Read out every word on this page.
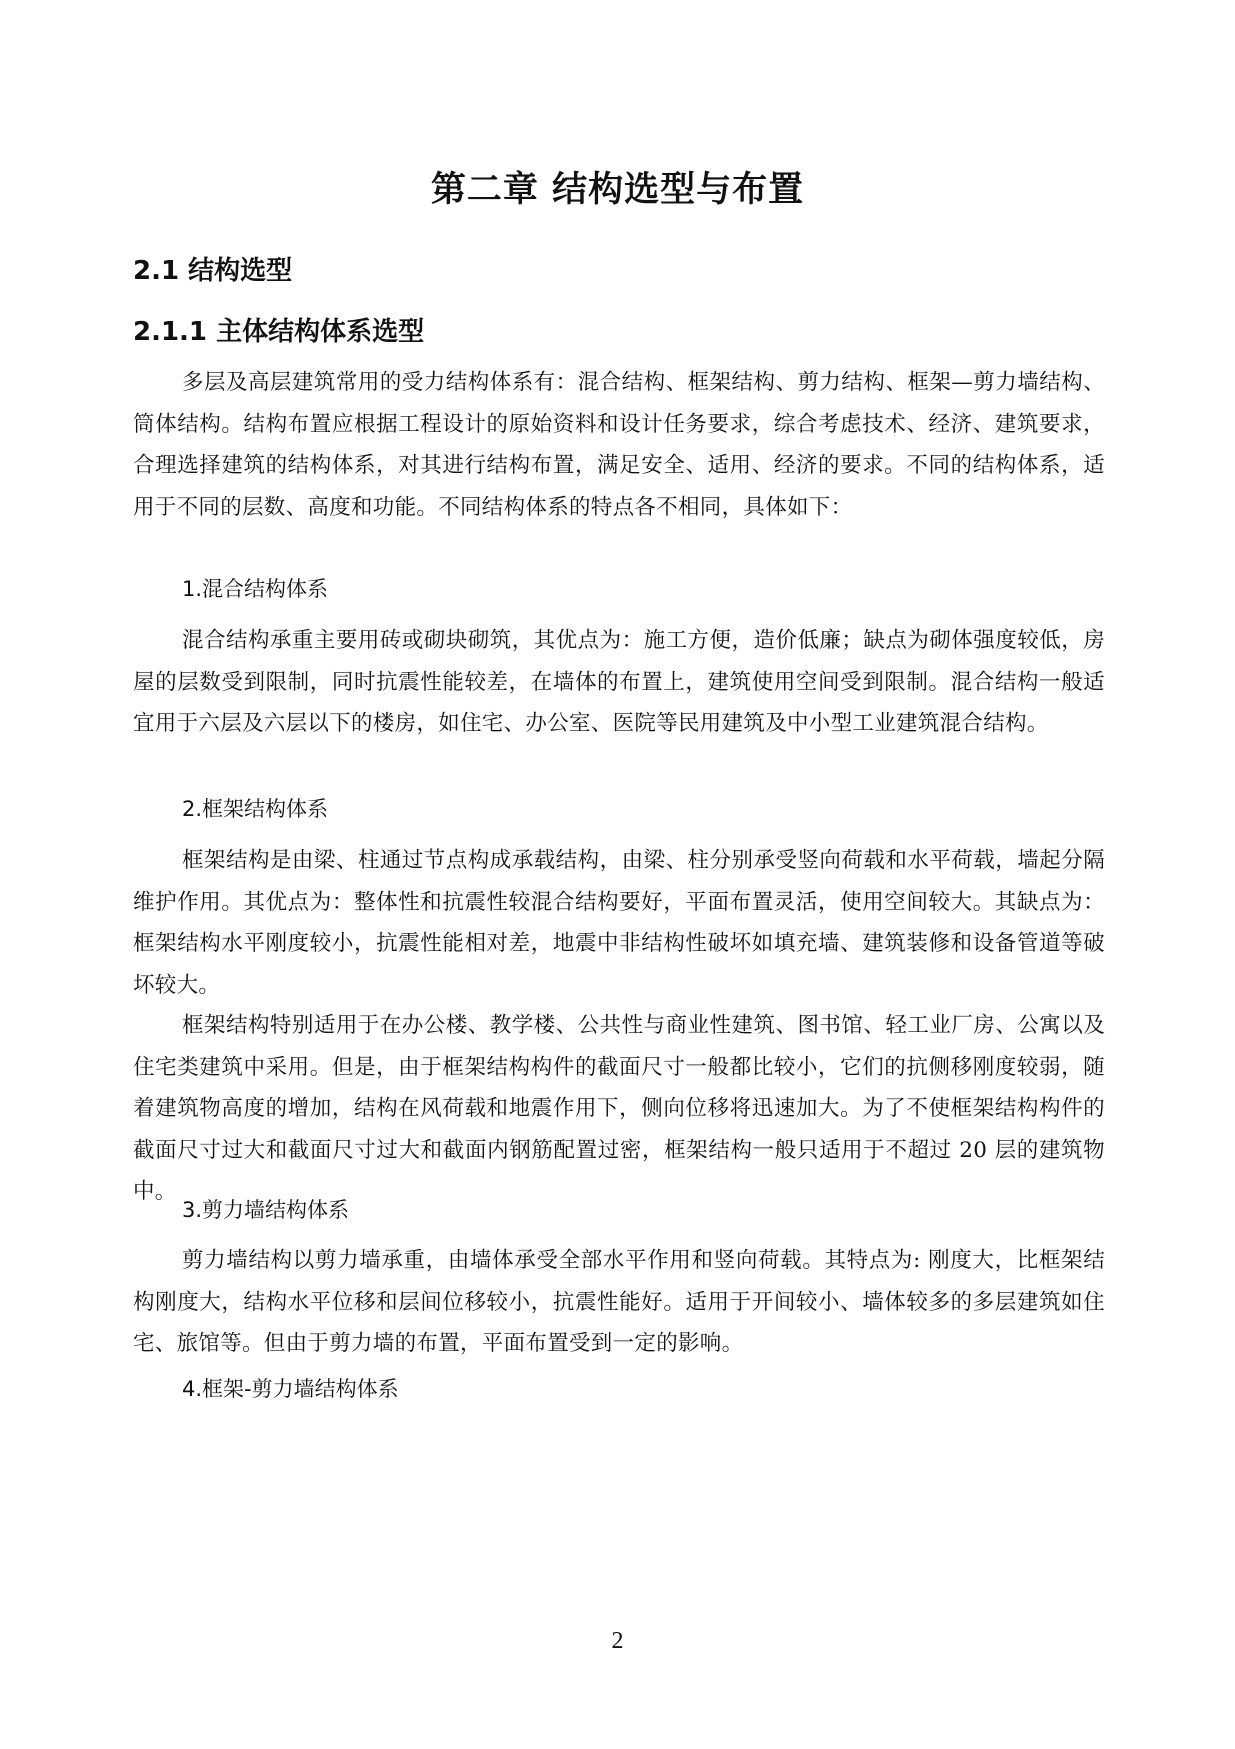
第二章 结构选型与布置
2.1 结构选型
2.1.1 主体结构体系选型

多层及高层建筑常用的受力结构体系有：混合结构、框架结构、剪力结构、框架—剪力墙结构、筒体结构。结构布置应根据工程设计的原始资料和设计任务要求，综合考虑技术、经济、建筑要求，合理选择建筑的结构体系，对其进行结构布置，满足安全、适用、经济的要求。不同的结构体系，适用于不同的层数、高度和功能。不同结构体系的特点各不相同，具体如下：

1.混合结构体系

混合结构承重主要用砖或砌块砌筑，其优点为：施工方便，造价低廉；缺点为砌体强度较低，房屋的层数受到限制，同时抗震性能较差，在墙体的布置上，建筑使用空间受到限制。混合结构一般适宜用于六层及六层以下的楼房，如住宅、办公室、医院等民用建筑及中小型工业建筑混合结构。

2.框架结构体系

框架结构是由梁、柱通过节点构成承载结构，由梁、柱分别承受竖向荷载和水平荷载，墙起分隔维护作用。其优点为：整体性和抗震性较混合结构要好，平面布置灵活，使用空间较大。其缺点为：框架结构水平刚度较小，抗震性能相对差，地震中非结构性破坏如填充墙、建筑装修和设备管道等破坏较大。

框架结构特别适用于在办公楼、教学楼、公共性与商业性建筑、图书馆、轻工业厂房、公寓以及住宅类建筑中采用。但是，由于框架结构构件的截面尺寸一般都比较小，它们的抗侧移刚度较弱，随着建筑物高度的增加，结构在风荷载和地震作用下，侧向位移将迅速加大。为了不使框架结构构件的截面尺寸过大和截面尺寸过大和截面内钢筋配置过密，框架结构一般只适用于不超过 20 层的建筑物中。

3.剪力墙结构体系

剪力墙结构以剪力墙承重，由墙体承受全部水平作用和竖向荷载。其特点为: 刚度大，比框架结构刚度大，结构水平位移和层间位移较小，抗震性能好。适用于开间较小、墙体较多的多层建筑如住宅、旅馆等。但由于剪力墙的布置，平面布置受到一定的影响。

4.框架-剪力墙结构体系
2
